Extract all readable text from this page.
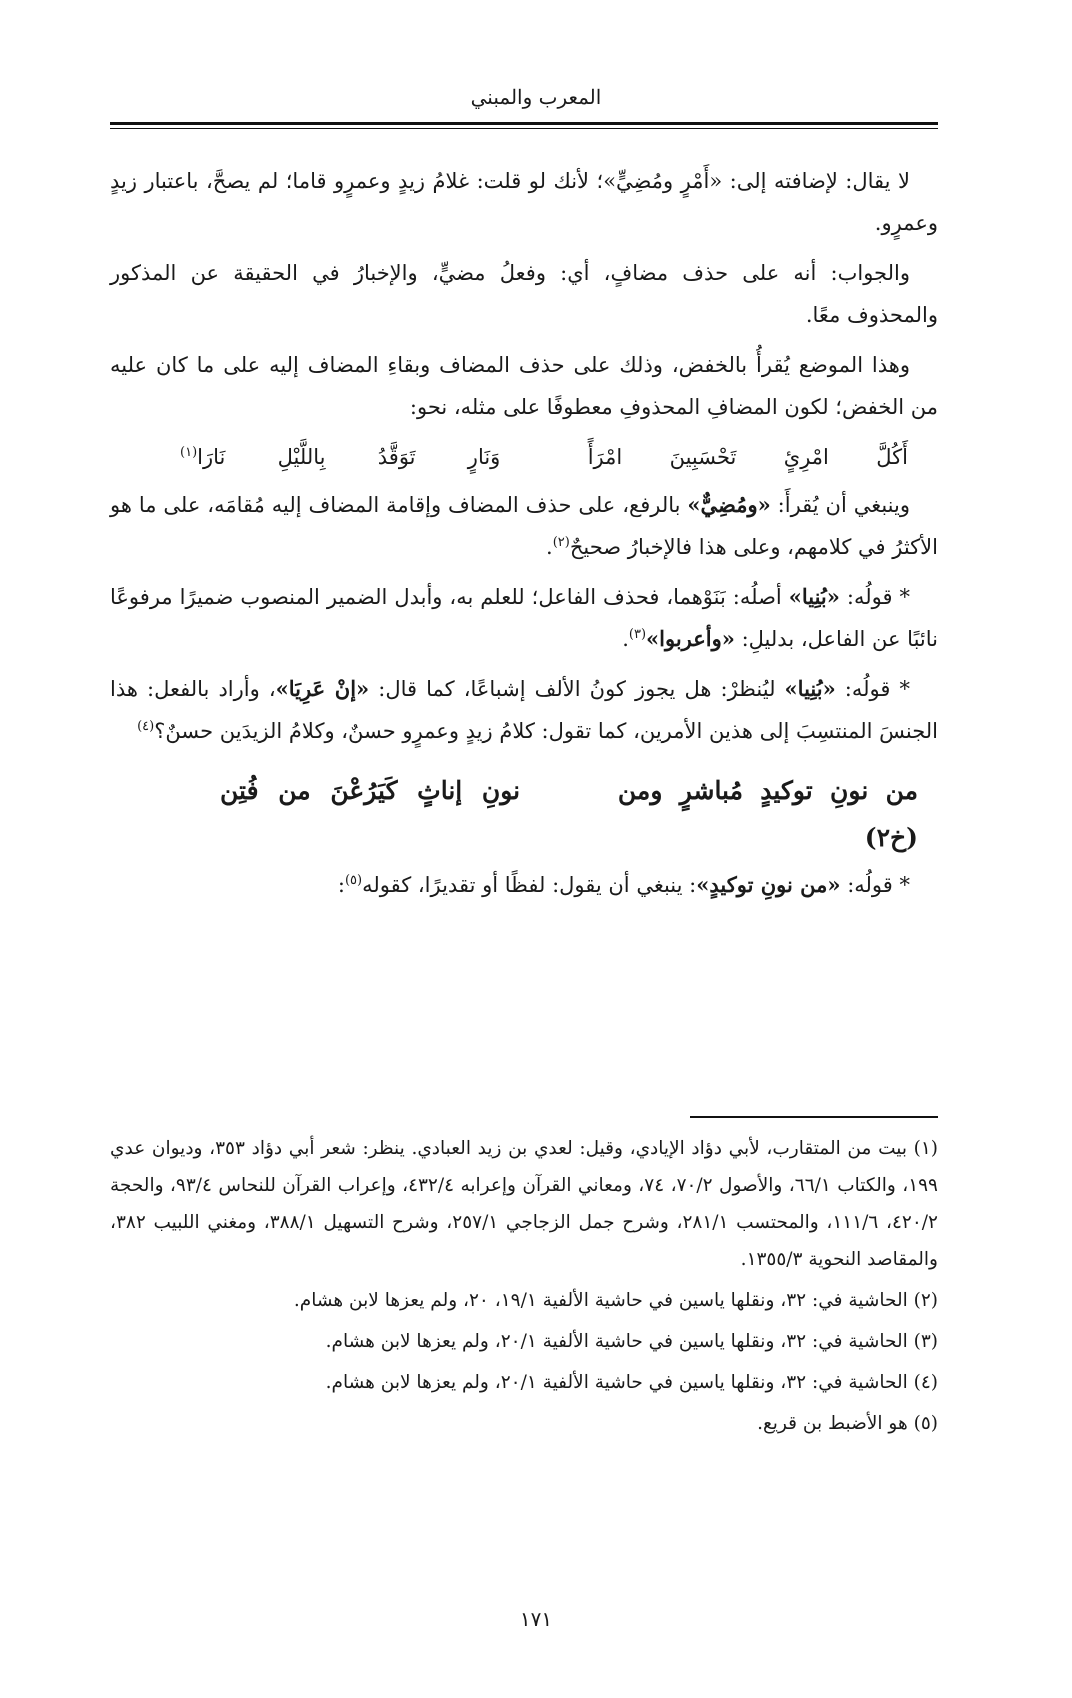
المعرب والمبني

لا يقال: لإضافته إلى: «أَمْرٍ ومُضِيٍّ»؛ لأنك لو قلت: غلامُ زيدٍ وعمرٍو قاما؛ لم يصحَّ، باعتبار زيدٍ وعمرٍو.

والجواب: أنه على حذف مضافٍ، أي: وفعلُ مضيٍّ، والإخبارُ في الحقيقة عن المذكور والمحذوف معًا.

وهذا الموضع يُقرأُ بالخفض، وذلك على حذف المضاف وبقاءِ المضاف إليه على ما كان عليه من الخفض؛ لكون المضافِ المحذوفِ معطوفًا على مثله، نحو:

أَكُلَّ
امْرِئٍ
تَحْسَبِينَ
امْرَأً
وَنَارٍ
تَوَقَّدُ
بِاللَّيْلِ
نَارَا$^{(١)}$

وينبغي أن يُقرأَ: «ومُضِيٌّ» بالرفع، على حذف المضاف وإقامة المضاف إليه مُقامَه، على ما هو الأكثرُ في كلامهم، وعلى هذا فالإخبارُ صحيحٌ$^{(٢)}$.

* قولُه: «بُنِيا» أصلُه: بَنَوْهما، فحذف الفاعل؛ للعلم به، وأبدل الضمير المنصوب ضميرًا مرفوعًا نائبًا عن الفاعل، بدليلِ: «وأعربوا»$^{(٣)}$.

* قولُه: «بُنِيا» ليُنظرْ: هل يجوز كونُ الألف إشباعًا، كما قال: «إنْ عَرِيَا»، وأراد بالفعل: هذا الجنسَ المنتسِبَ إلى هذين الأمرين، كما تقول: كلامُ زيدٍ وعمرٍو حسنٌ، وكلامُ الزيدَين حسنٌ؟$^{(٤)}$

من
نونِ
توكيدٍ
مُباشرٍ
ومن
نونِ
إناثٍ
كَيَرُعْنَ
من
فُتِن
(خ٢)

* قولُه: «من نونِ توكيدٍ»: ينبغي أن يقول: لفظًا أو تقديرًا، كقوله$^{(٥)}$:

(١) بيت من المتقارب، لأبي دؤاد الإيادي، وقيل: لعدي بن زيد العبادي. ينظر: شعر أبي دؤاد ٣٥٣، وديوان عدي ١٩٩، والكتاب ٦٦/١، والأصول ٧٠/٢، ٧٤، ومعاني القرآن وإعرابه ٤٣٢/٤، وإعراب القرآن للنحاس ٩٣/٤، والحجة ٤٢٠/٢، ١١١/٦، والمحتسب ٢٨١/١، وشرح جمل الزجاجي ٢٥٧/١، وشرح التسهيل ٣٨٨/١، ومغني اللبيب ٣٨٢، والمقاصد النحوية ١٣٥٥/٣.

(٢) الحاشية في: ٣٢، ونقلها ياسين في حاشية الألفية ١٩/١، ٢٠، ولم يعزها لابن هشام.

(٣) الحاشية في: ٣٢، ونقلها ياسين في حاشية الألفية ٢٠/١، ولم يعزها لابن هشام.

(٤) الحاشية في: ٣٢، ونقلها ياسين في حاشية الألفية ٢٠/١، ولم يعزها لابن هشام.

(٥) هو الأضبط بن قريع.

١٧١
